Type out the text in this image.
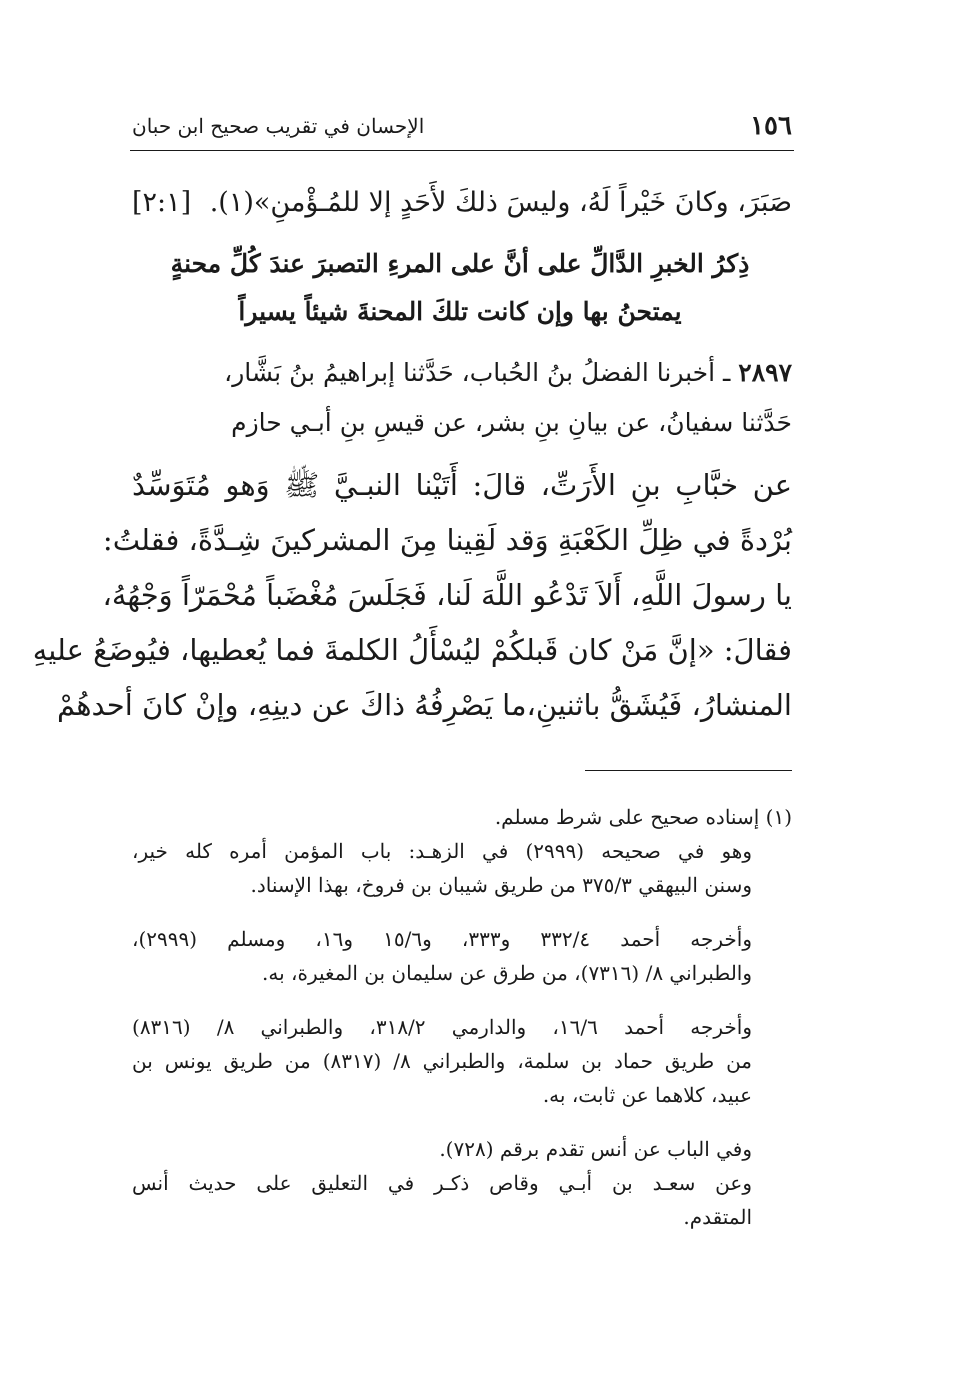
١٥٦
الإحسان في تقريب صحيح ابن حبان
صَبَرَ، وكانَ خَيْراً لَهُ، وليسَ ذلكَ لأَحَدٍ إلا للمُـؤْمنِ»(١).
[٢:١]
ذِكرُ الخبرِ الدَّالِّ على أنَّ على المرءِ التصبرَ عندَ كُلِّ محنةٍ
يمتحنُ بها وإن كانت تلكَ المحنةَ شيئاً يسيراً
٢٨٩٧ ـ أخبرنا الفضلُ بنُ الحُباب، حَدَّثنا إبراهيمُ بنُ بَشَّار،
حَدَّثنا سفيانُ، عن بيانِ بنِ بشر، عن قيسِ بنِ أبـي حازم
عن خبَّابِ بنِ الأَرَتِّ، قالَ: أَتَيْنا النبـيَّ ﷺ وَهو مُتَوَسِّدٌ
بُرْدةً في ظِلِّ الكَعْبَةِ وَقد لَقِينا مِنَ المشركينَ شِـدَّةً، فقلتُ:
يا رسولَ اللَّهِ، أَلاَ تَدْعُو اللَّهَ لَنا، فَجَلَسَ مُغْضَباً مُحْمَرّاً وَجْهُهُ،
فقالَ: «إنَّ مَنْ كان قَبلكُمْ ليُسْأَلُ الكلمةَ فما يُعطيها، فيُوضَعُ عليهِ
المنشارُ، فَيُشَقُّ باثنينِ،ما يَصْرِفُهُ ذاكَ عن دينِهِ، وإنْ كانَ أحدهُمْ
(١) إسناده صحيح على شرط مسلم.
وهو في صحيحه (٢٩٩٩) في الزهـد: باب المؤمن أمره كله خير،
وسنن البيهقي ٣٧٥/٣ من طريق شيبان بن فروخ، بهذا الإسناد.
وأخرجه أحمد ٣٣٢/٤ و٣٣٣، و١٥/٦ و١٦، ومسلم (٢٩٩٩)،
والطبراني ٨/ (٧٣١٦)، من طرق عن سليمان بن المغيرة، به.
وأخرجه أحمد ١٦/٦، والدارمي ٣١٨/٢، والطبراني ٨/ (٨٣١٦)
من طريق حماد بن سلمة، والطبراني ٨/ (٨٣١٧) من طريق يونس بن
عبيد، كلاهما عن ثابت، به.
وفي الباب عن أنس تقدم برقم (٧٢٨).
وعن سعـد بن أبـي وقاص ذكـر في التعليق على حديث أنس
المتقدم.
